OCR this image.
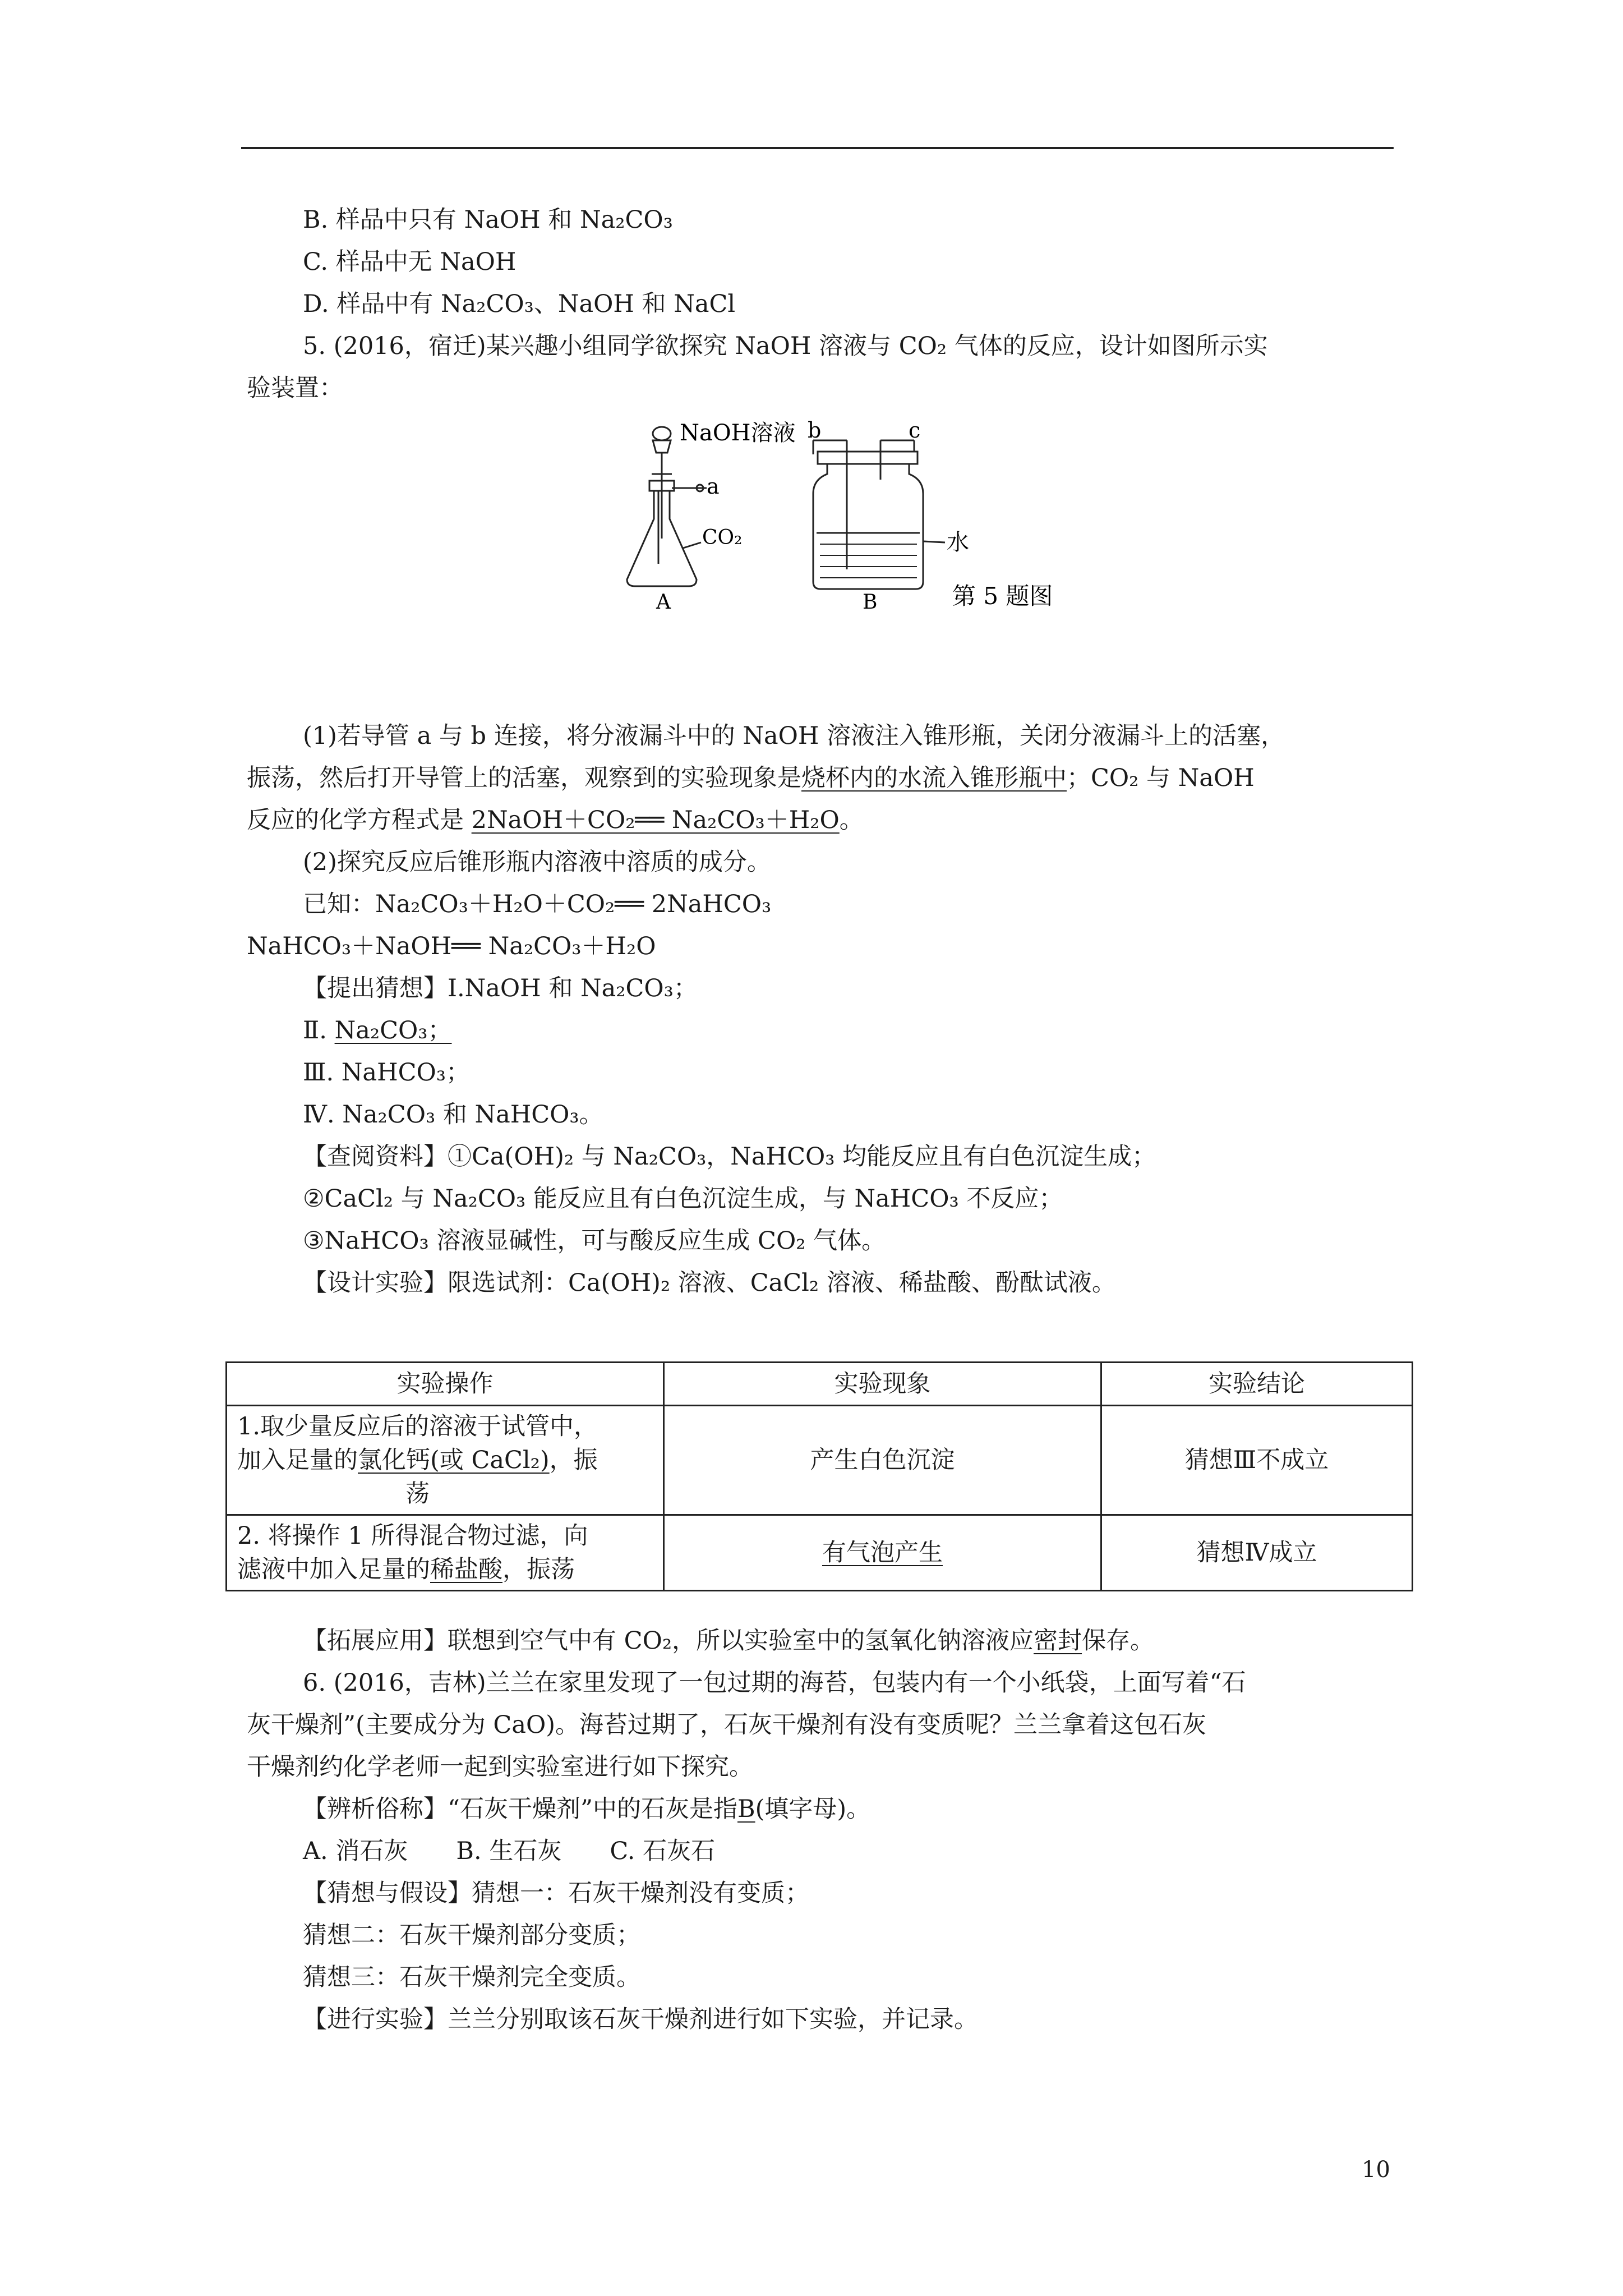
B. 样品中只有 NaOH 和 Na₂CO₃
C. 样品中无 NaOH
D. 样品中有 Na₂CO₃、NaOH 和 NaCl
5. (2016，宿迁)某兴趣小组同学欲探究 NaOH 溶液与 CO₂ 气体的反应，设计如图所示实
验装置：
NaOH溶液
a
CO₂
A
b	c
水
B	第 5 题图
(1)若导管 a 与 b 连接，将分液漏斗中的 NaOH 溶液注入锥形瓶，关闭分液漏斗上的活塞，
振荡，然后打开导管上的活塞，观察到的实验现象是烧杯内的水流入锥形瓶中；CO₂ 与 NaOH
反应的化学方程式是 2NaOH＋CO₂══ Na₂CO₃＋H₂O。
(2)探究反应后锥形瓶内溶液中溶质的成分。
已知：Na₂CO₃＋H₂O＋CO₂══ 2NaHCO₃
NaHCO₃＋NaOH══ Na₂CO₃＋H₂O
【提出猜想】Ⅰ.NaOH 和 Na₂CO₃；
Ⅱ. Na₂CO₃；
Ⅲ. NaHCO₃；
Ⅳ. Na₂CO₃ 和 NaHCO₃。
【查阅资料】①Ca(OH)₂ 与 Na₂CO₃，NaHCO₃ 均能反应且有白色沉淀生成；
②CaCl₂ 与 Na₂CO₃ 能反应且有白色沉淀生成，与 NaHCO₃ 不反应；
③NaHCO₃ 溶液显碱性，可与酸反应生成 CO₂ 气体。
【设计实验】限选试剂：Ca(OH)₂ 溶液、CaCl₂ 溶液、稀盐酸、酚酞试液。
实验操作	实验现象	实验结论

1.取少量反应后的溶液于试管中，
加入足量的氯化钙(或 CaCl₂)，振
荡	产生白色沉淀	猜想Ⅲ不成立

2. 将操作 1 所得混合物过滤，向
滤液中加入足量的稀盐酸，振荡	有气泡产生	猜想Ⅳ成立
【拓展应用】联想到空气中有 CO₂，所以实验室中的氢氧化钠溶液应密封保存。
6. (2016，吉林)兰兰在家里发现了一包过期的海苔，包装内有一个小纸袋，上面写着“石
灰干燥剂”(主要成分为 CaO)。海苔过期了，石灰干燥剂有没有变质呢？兰兰拿着这包石灰
干燥剂约化学老师一起到实验室进行如下探究。
【辨析俗称】“石灰干燥剂”中的石灰是指B(填字母)。
A. 消石灰　　B. 生石灰　　C. 石灰石
【猜想与假设】猜想一：石灰干燥剂没有变质；
猜想二：石灰干燥剂部分变质；
猜想三：石灰干燥剂完全变质。
【进行实验】兰兰分别取该石灰干燥剂进行如下实验，并记录。
10
